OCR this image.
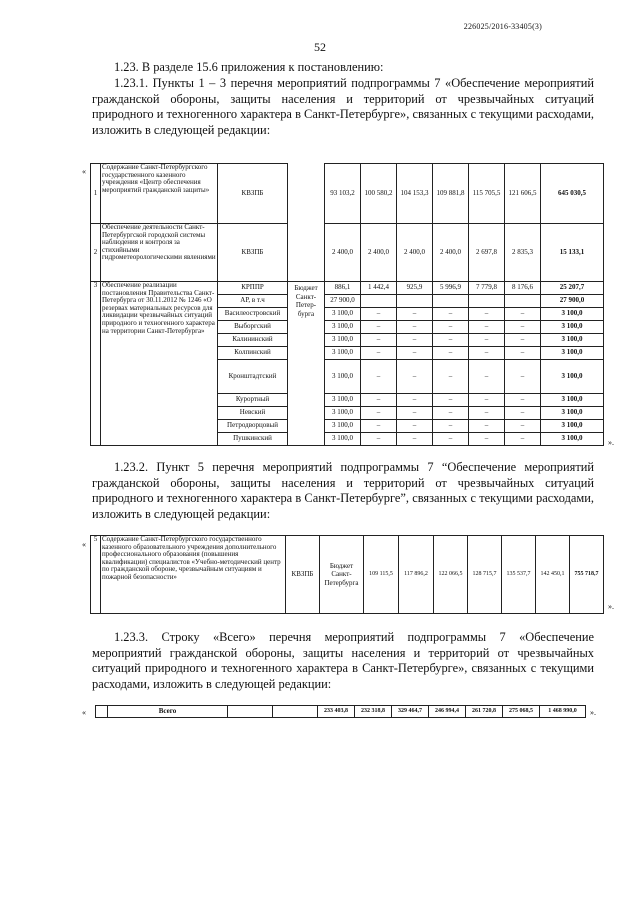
226025/2016-33405(3)
52
1.23. В разделе 15.6 приложения к постановлению:
1.23.1. Пункты 1 – 3 перечня мероприятий подпрограммы 7 «Обеспечение мероприятий гражданской обороны, защиты населения и территорий от чрезвычайных ситуаций природного и техногенного характера в Санкт-Петербурге», связанных с текущими расходами, изложить в следующей редакции:
«
1	Содержание Санкт-Петербургского государственного казенного учреждения «Центр обеспечения мероприятий гражданской защиты»	КВЗПБ		93 103,2	100 580,2	104 153,3	109 881,8	115 705,5	121 606,5	645 030,5
2	Обеспечение деятельности Санкт-Петербургской городской системы наблюдения и контроля за стихийными гидрометеорологическими явлениями	КВЗПБ		2 400,0	2 400,0	2 400,0	2 400,0	2 697,8	2 835,3	15 133,1
3	Обеспечение реализации постановления Правительства Санкт-Петербурга от 30.11.2012 № 1246 «О резервах материальных ресурсов для ликвидации чрезвычайных ситуаций природного и техногенного характера на территории Санкт-Петербурга»	КРППР	Бюджет Санкт-Петер-бурга	886,1	1 442,4	925,9	5 996,9	7 779,8	8 176,6	25 207,7
		АР, в т.ч		27 900,0						27 900,0
		Василеостровский		3 100,0	–	–	–	–	–	3 100,0
		Выборгский		3 100,0	–	–	–	–	–	3 100,0
		Калининский		3 100,0	–	–	–	–	–	3 100,0
		Колпинский		3 100,0	–	–	–	–	–	3 100,0
		Кронштадтский		3 100,0	–	–	–	–	–	3 100,0
		Курортный		3 100,0	–	–	–	–	–	3 100,0
		Невский		3 100,0	–	–	–	–	–	3 100,0
		Петродворцовый		3 100,0	–	–	–	–	–	3 100,0
		Пушкинский		3 100,0	–	–	–	–	–	3 100,0	».
1.23.2. Пункт 5 перечня мероприятий подпрограммы 7 “Обеспечение мероприятий гражданской обороны, защиты населения и территорий от чрезвычайных ситуаций природного и техногенного характера в Санкт-Петербурге”, связанных с текущими расходами, изложить в следующей редакции:
«
5	Содержание Санкт-Петербургского государственного казенного образовательного учреждения дополнительного профессионального образования (повышения квалификации) специалистов «Учебно-методический центр по гражданской обороне, чрезвычайным ситуациям и пожарной безопасности»	КВЗПБ	Бюджет Санкт-Петербурга	109 115,5	117 896,2	122 066,5	128 715,7	135 537,7	142 450,1	755 718,7
».
1.23.3. Строку «Всего» перечня мероприятий подпрограммы 7 «Обеспечение мероприятий гражданской обороны, защиты населения и территорий от чрезвычайных ситуаций природного и техногенного характера в Санкт-Петербурге», связанных с текущими расходами, изложить в следующей редакции:
«
		Всего			233 403,8	232 318,8	329 464,7	246 994,4	261 720,8	275 068,5	1 468 990,0 ».
